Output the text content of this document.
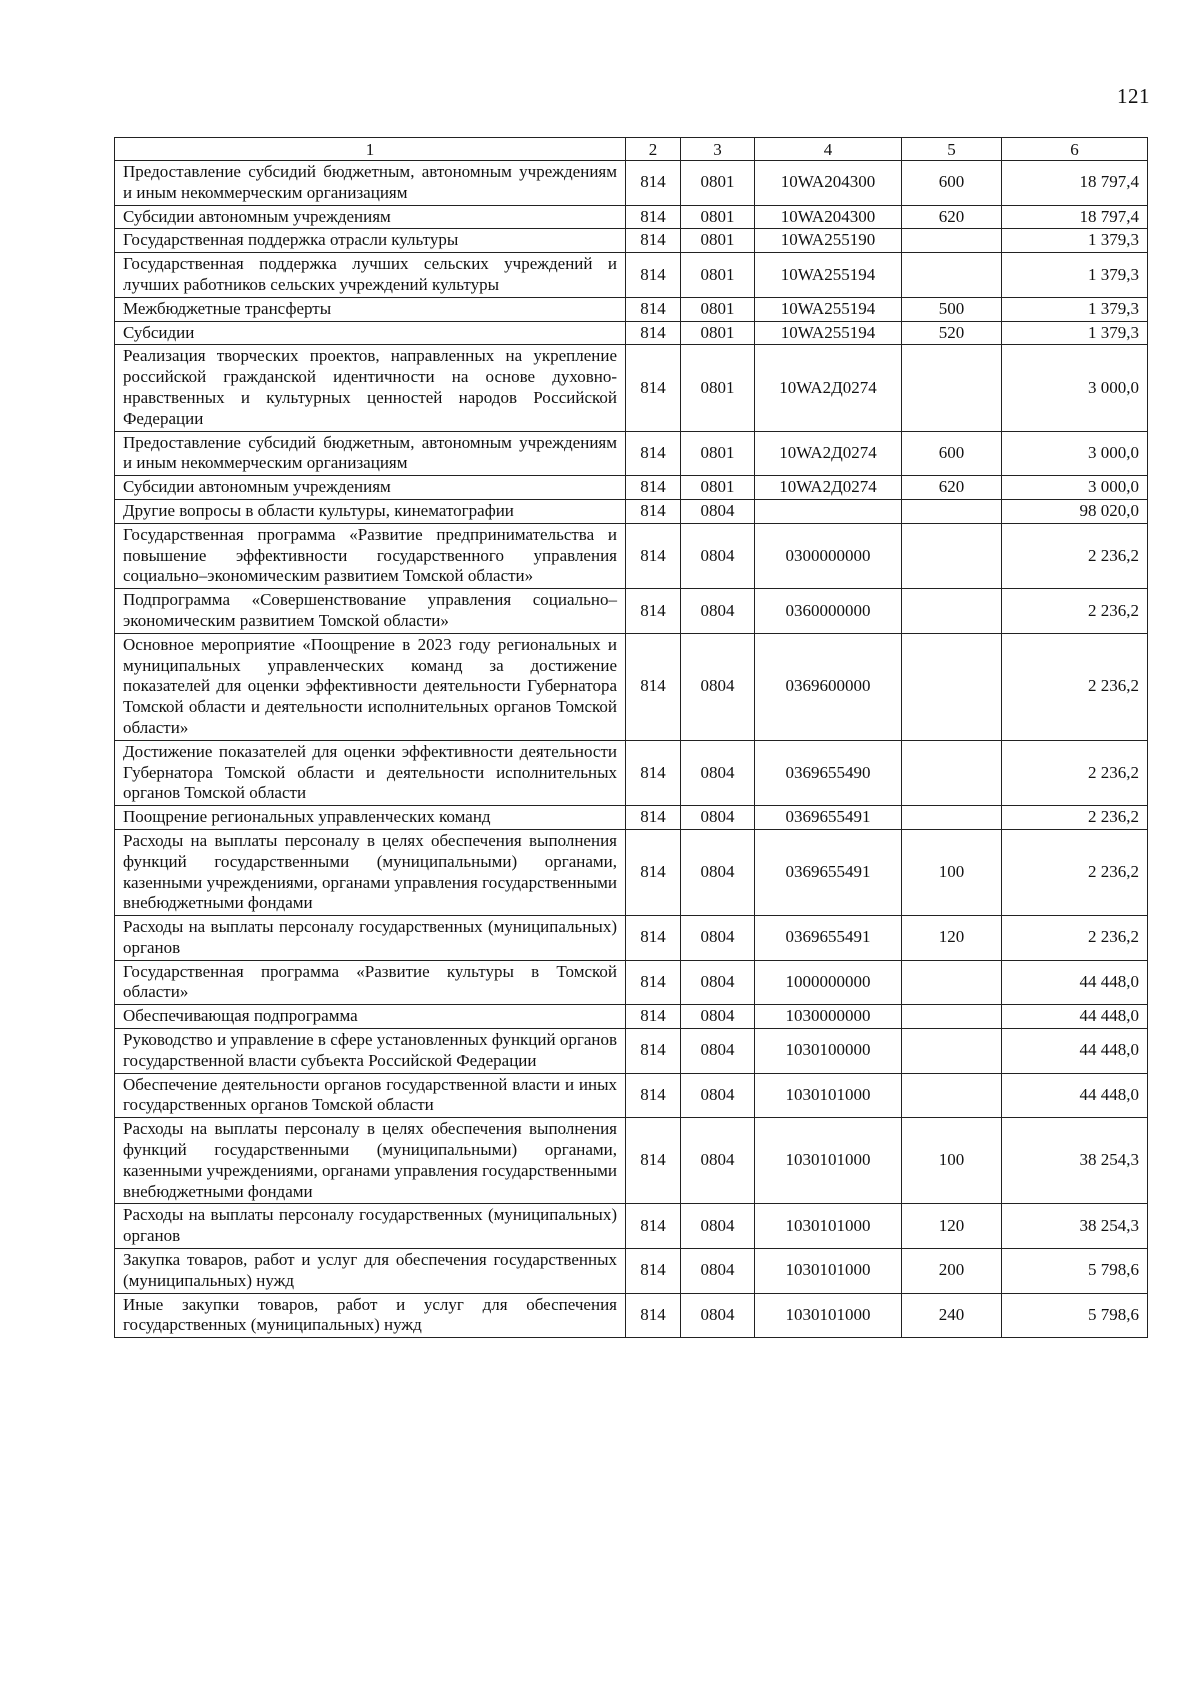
121
1	2	3	4	5	6
Предоставление субсидий бюджетным, автономным учреждениям и иным некоммерческим организациям	814	0801	10WA204300	600	18 797,4
Субсидии автономным учреждениям	814	0801	10WA204300	620	18 797,4
Государственная поддержка отрасли культуры	814	0801	10WA255190		1 379,3
Государственная поддержка лучших сельских учреждений и лучших работников сельских учреждений культуры	814	0801	10WA255194		1 379,3
Межбюджетные трансферты	814	0801	10WA255194	500	1 379,3
Субсидии	814	0801	10WA255194	520	1 379,3
Реализация творческих проектов, направленных на укрепление российской гражданской идентичности на основе духовно-нравственных и культурных ценностей народов Российской Федерации	814	0801	10WA2Д0274		3 000,0
Предоставление субсидий бюджетным, автономным учреждениям и иным некоммерческим организациям	814	0801	10WA2Д0274	600	3 000,0
Субсидии автономным учреждениям	814	0801	10WA2Д0274	620	3 000,0
Другие вопросы в области культуры, кинематографии	814	0804			98 020,0
Государственная программа «Развитие предпринимательства и повышение эффективности государственного управления социально–экономическим развитием Томской области»	814	0804	0300000000		2 236,2
Подпрограмма «Совершенствование управления социально–экономическим развитием Томской области»	814	0804	0360000000		2 236,2
Основное мероприятие «Поощрение в 2023 году региональных и муниципальных управленческих команд за достижение показателей для оценки эффективности деятельности Губернатора Томской области и деятельности исполнительных органов Томской области»	814	0804	0369600000		2 236,2
Достижение показателей для оценки эффективности деятельности Губернатора Томской области и деятельности исполнительных органов Томской области	814	0804	0369655490		2 236,2
Поощрение региональных управленческих команд	814	0804	0369655491		2 236,2
Расходы на выплаты персоналу в целях обеспечения выполнения функций государственными (муниципальными) органами, казенными учреждениями, органами управления государственными внебюджетными фондами	814	0804	0369655491	100	2 236,2
Расходы на выплаты персоналу государственных (муниципальных) органов	814	0804	0369655491	120	2 236,2
Государственная программа «Развитие культуры в Томской области»	814	0804	1000000000		44 448,0
Обеспечивающая подпрограмма	814	0804	1030000000		44 448,0
Руководство и управление в сфере установленных функций органов государственной власти субъекта Российской Федерации	814	0804	1030100000		44 448,0
Обеспечение деятельности органов государственной власти и иных государственных органов Томской области	814	0804	1030101000		44 448,0
Расходы на выплаты персоналу в целях обеспечения выполнения функций государственными (муниципальными) органами, казенными учреждениями, органами управления государственными внебюджетными фондами	814	0804	1030101000	100	38 254,3
Расходы на выплаты персоналу государственных (муниципальных) органов	814	0804	1030101000	120	38 254,3
Закупка товаров, работ и услуг для обеспечения государственных (муниципальных) нужд	814	0804	1030101000	200	5 798,6
Иные закупки товаров, работ и услуг для обеспечения государственных (муниципальных) нужд	814	0804	1030101000	240	5 798,6
